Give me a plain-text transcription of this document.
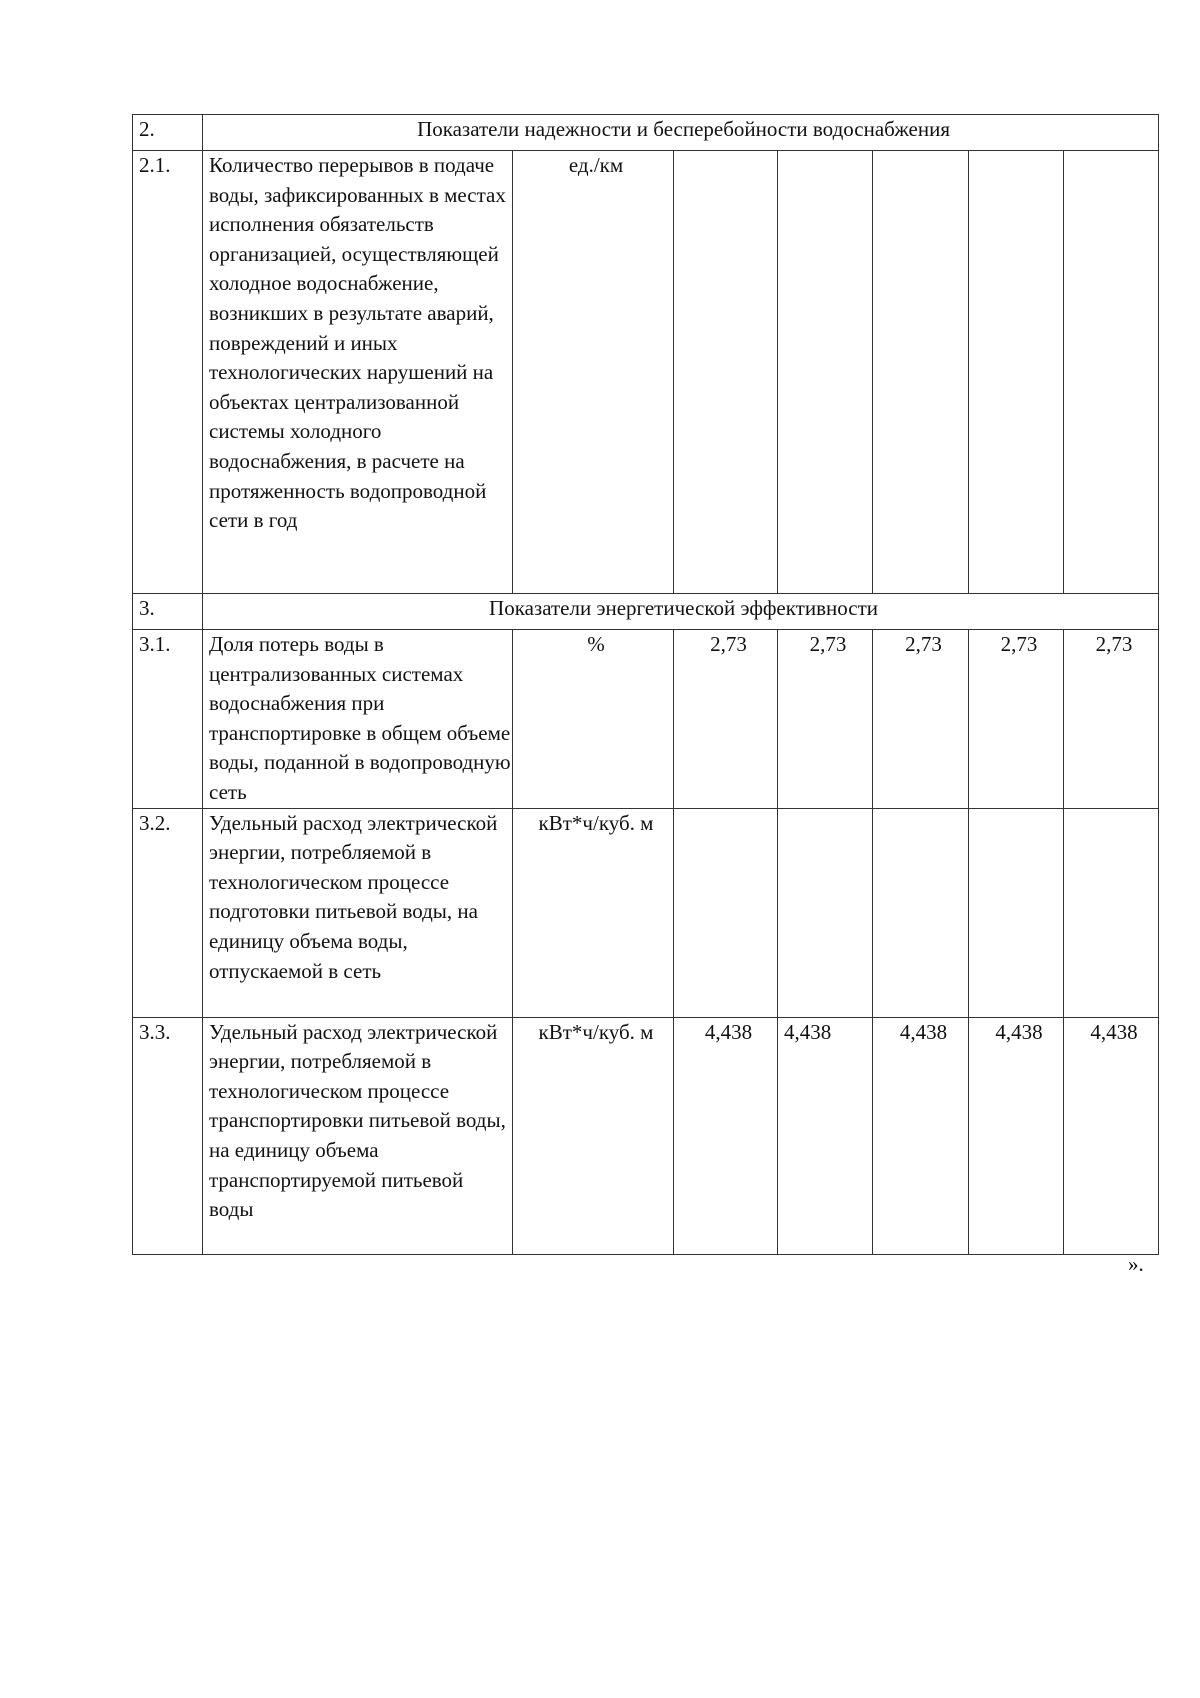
2.	Показатели надежности и бесперебойности водоснабжения						
2.1.	Количество перерывов в подаче воды, зафиксированных в местах исполнения обязательств организацией, осуществляющей холодное водоснабжение, возникших в результате аварий, повреждений и иных технологических нарушений на объектах централизованной системы холодного водоснабжения, в расчете на протяженность водопроводной сети в год	ед./км					
3.	Показатели энергетической эффективности						
3.1.	Доля потерь воды в централизованных системах водоснабжения при транспортировке в общем объеме воды, поданной в водопроводную сеть	%	2,73	2,73	2,73	2,73	2,73
3.2.	Удельный расход электрической энергии, потребляемой в технологическом процессе подготовки питьевой воды, на единицу объема воды, отпускаемой в сеть	кВт*ч/куб. м					
3.3.	Удельный расход электрической энергии, потребляемой в технологическом процессе транспортировки питьевой воды, на единицу объема транспортируемой питьевой воды	кВт*ч/куб. м	4,438	4,438	4,438	4,438	4,438
».
